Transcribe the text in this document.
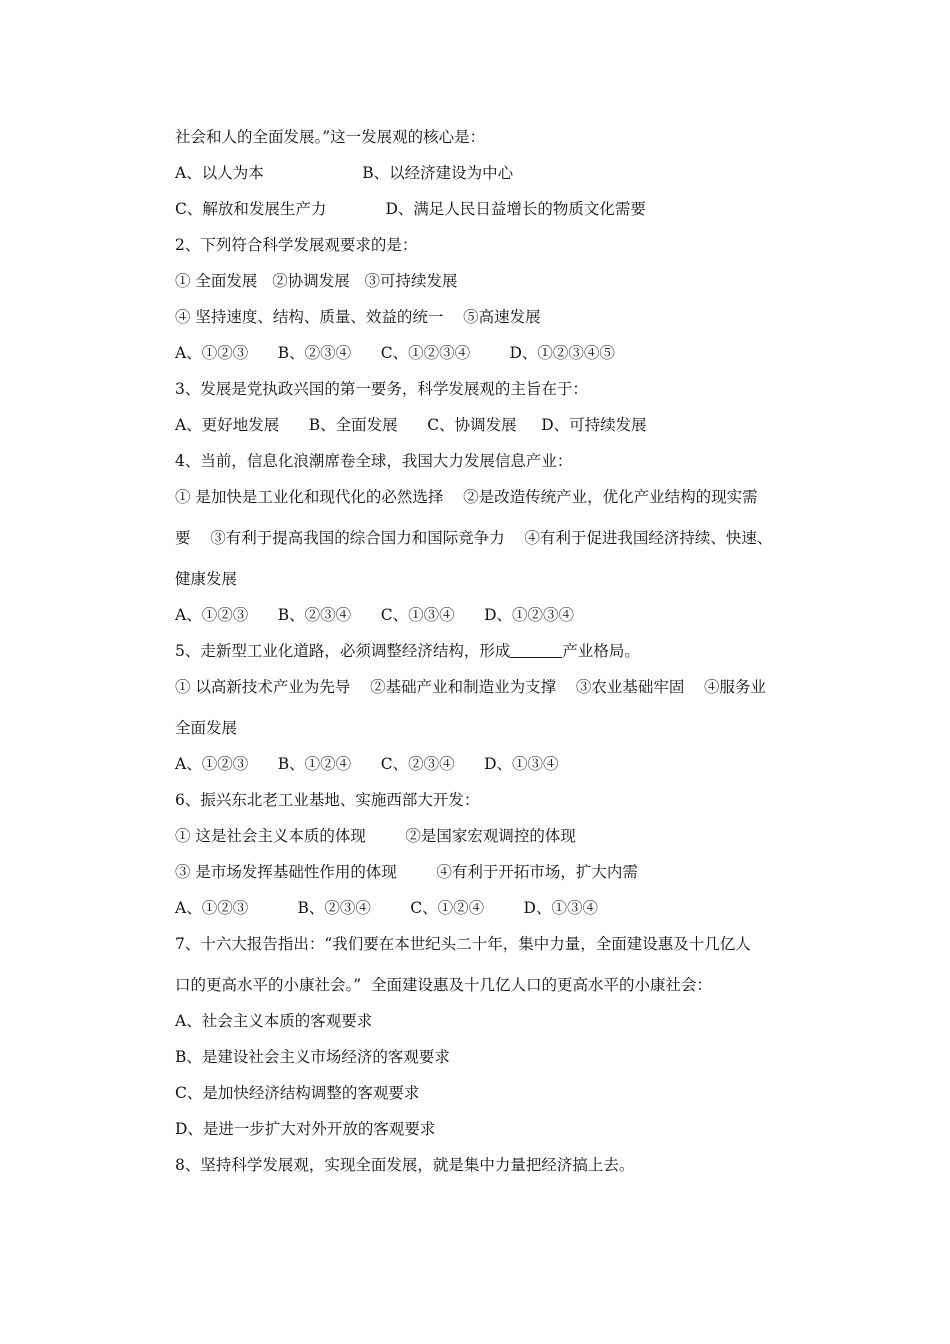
社会和人的全面发展。”这一发展观的核心是：
A、以人为本                    B、以经济建设为中心
C、解放和发展生产力            D、满足人民日益增长的物质文化需要
2、下列符合科学发展观要求的是：
① 全面发展   ②协调发展   ③可持续发展
④ 坚持速度、结构、质量、效益的统一    ⑤高速发展
A、①②③      B、②③④      C、①②③④        D、①②③④⑤
3、发展是党执政兴国的第一要务，科学发展观的主旨在于：
A、更好地发展      B、全面发展      C、协调发展     D、可持续发展
4、当前，信息化浪潮席卷全球，我国大力发展信息产业：
① 是加快是工业化和现代化的必然选择    ②是改造传统产业，优化产业结构的现实需
要    ③有利于提高我国的综合国力和国际竞争力    ④有利于促进我国经济持续、快速、
健康发展
A、①②③      B、②③④      C、①③④      D、①②③④
5、走新型工业化道路，必须调整经济结构，形成	产业格局。
① 以高新技术产业为先导    ②基础产业和制造业为支撑    ③农业基础牢固    ④服务业
全面发展
A、①②③      B、①②④      C、②③④      D、①③④
6、振兴东北老工业基地、实施西部大开发：
① 这是社会主义本质的体现        ②是国家宏观调控的体现
③ 是市场发挥基础性作用的体现        ④有利于开拓市场，扩大内需
A、①②③          B、②③④        C、①②④        D、①③④
7、十六大报告指出：“我们要在本世纪头二十年，集中力量，全面建设惠及十几亿人
口的更高水平的小康社会。”  全面建设惠及十几亿人口的更高水平的小康社会：
A、社会主义本质的客观要求
B、是建设社会主义市场经济的客观要求
C、是加快经济结构调整的客观要求
D、是进一步扩大对外开放的客观要求
8、坚持科学发展观，实现全面发展，就是集中力量把经济搞上去。
